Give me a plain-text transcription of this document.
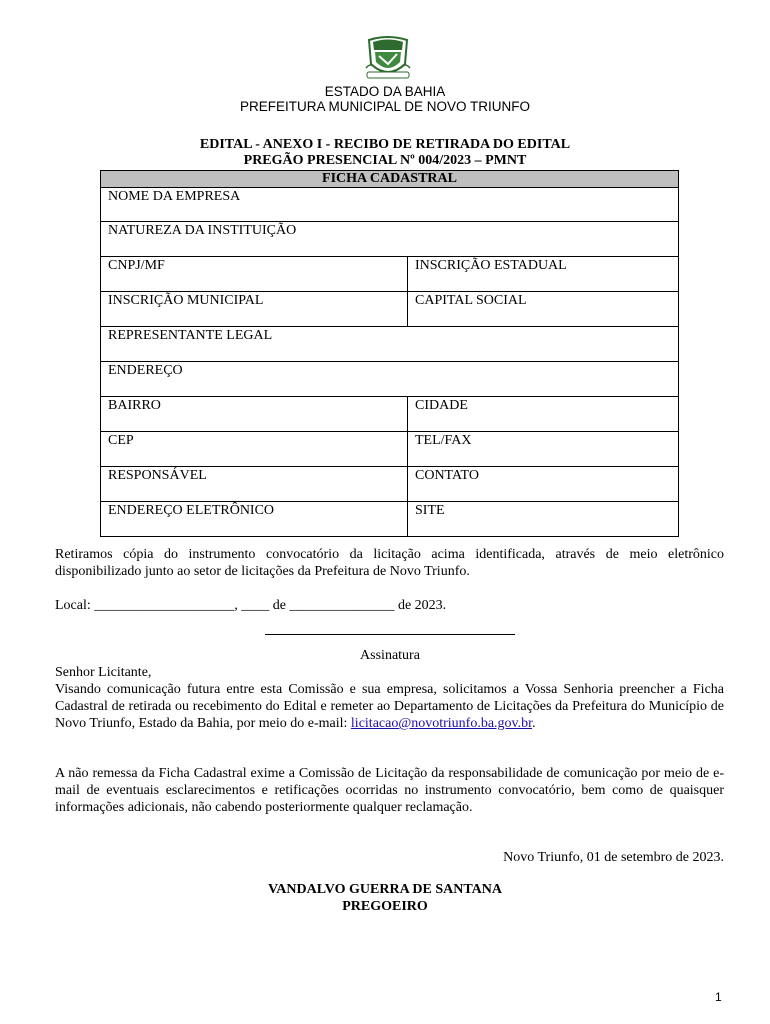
ESTADO DA BAHIA
PREFEITURA MUNICIPAL DE NOVO TRIUNFO
EDITAL - ANEXO I - RECIBO DE RETIRADA DO EDITAL
PREGÃO PRESENCIAL Nº 004/2023 – PMNT
FICHA CADASTRAL	
NOME DA EMPRESA	
NATUREZA DA INSTITUIÇÃO	
CNPJ/MF	INSCRIÇÃO ESTADUAL
INSCRIÇÃO MUNICIPAL	CAPITAL SOCIAL
REPRESENTANTE LEGAL	
ENDEREÇO	
BAIRRO	CIDADE
CEP	TEL/FAX
RESPONSÁVEL	CONTATO
ENDEREÇO ELETRÔNICO	SITE
Retiramos cópia do instrumento convocatório da licitação acima identificada, através de meio eletrônico disponibilizado junto ao setor de licitações da Prefeitura de Novo Triunfo.
Local: ____________________, ____ de _______________ de 2023.
Assinatura
Senhor Licitante,
Visando comunicação futura entre esta Comissão e sua empresa, solicitamos a Vossa Senhoria preencher a Ficha Cadastral de retirada ou recebimento do Edital e remeter ao Departamento de Licitações da Prefeitura do Município de Novo Triunfo, Estado da Bahia, por meio do e-mail: licitacao@novotriunfo.ba.gov.br.
A não remessa da Ficha Cadastral exime a Comissão de Licitação da responsabilidade de comunicação por meio de e-mail de eventuais esclarecimentos e retificações ocorridas no instrumento convocatório, bem como de quaisquer informações adicionais, não cabendo posteriormente qualquer reclamação.
Novo Triunfo, 01 de setembro de 2023.
VANDALVO GUERRA DE SANTANA
PREGOEIRO
1
